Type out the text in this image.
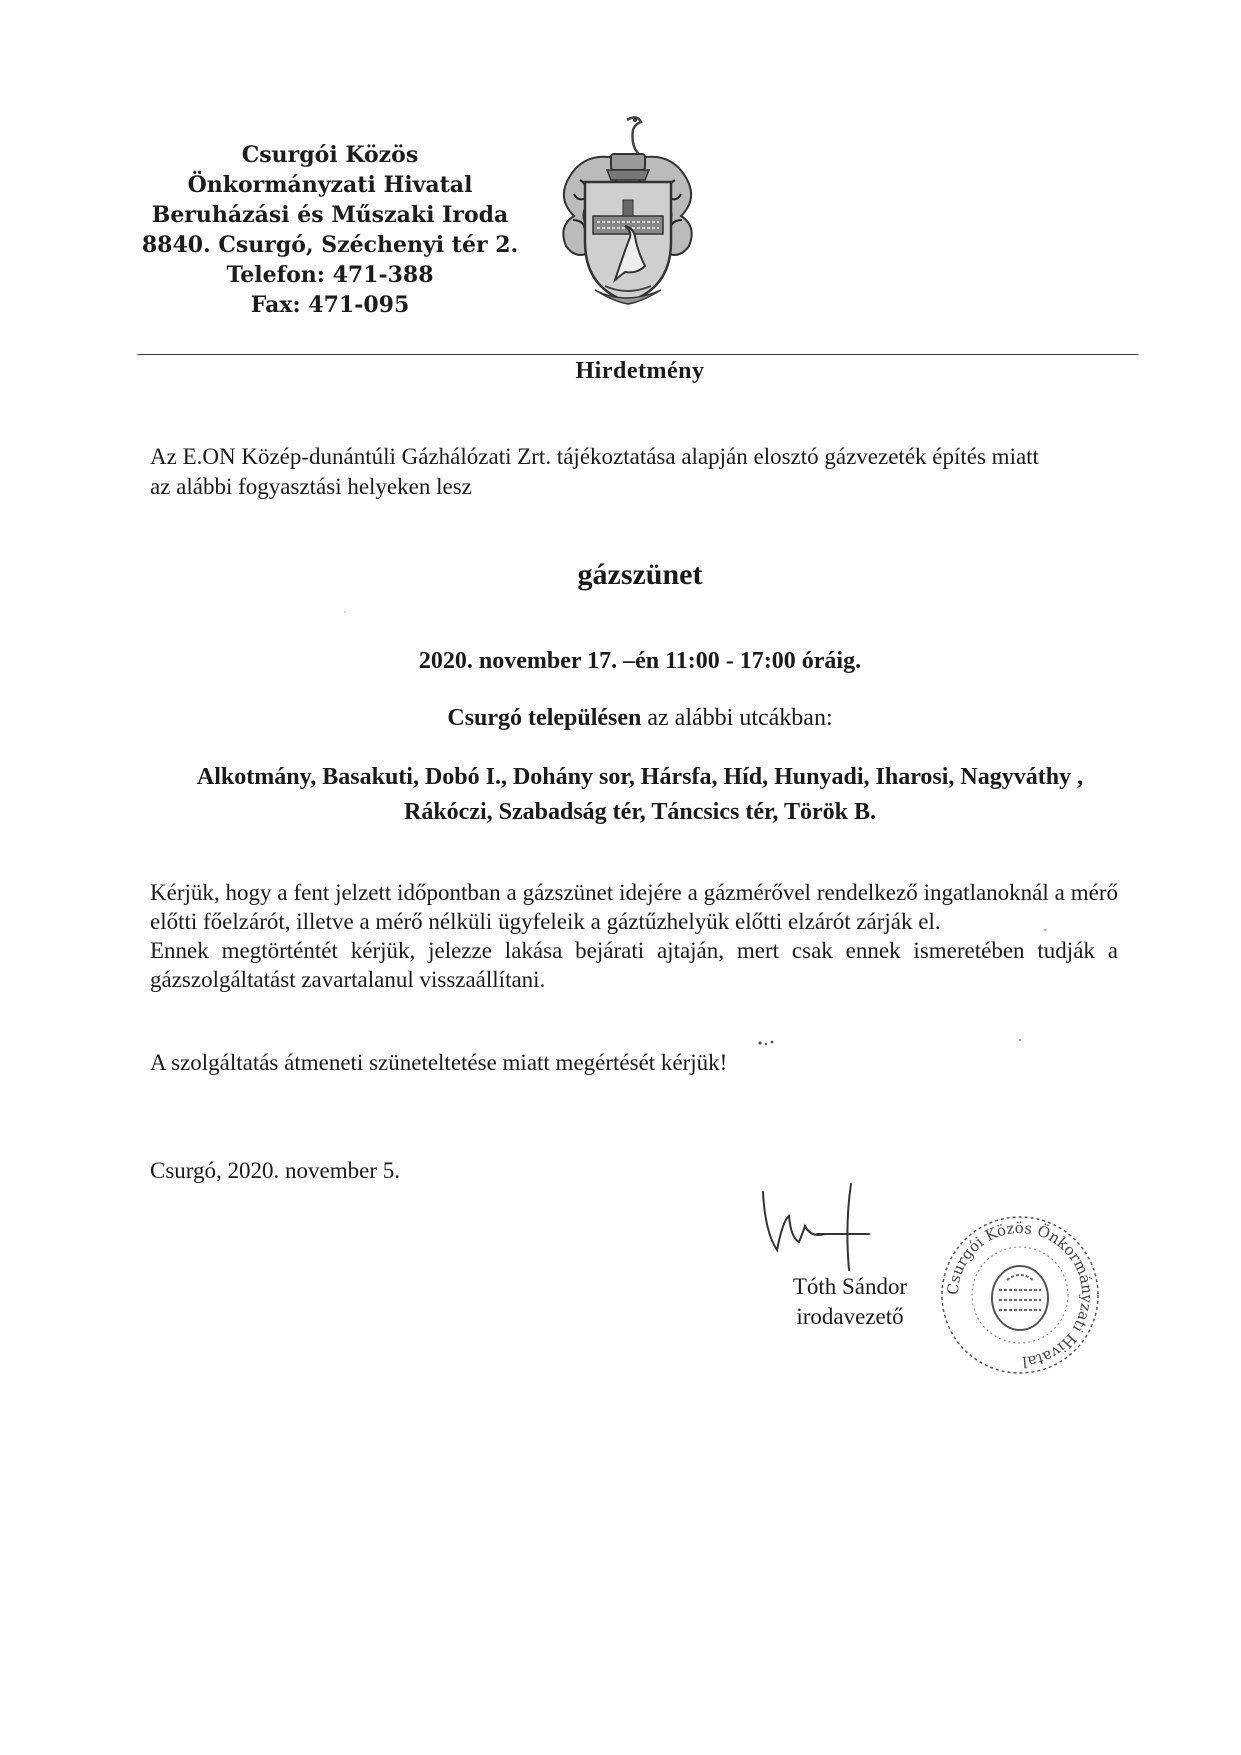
Csurgói Közös
Önkormányzati Hivatal
Beruházási és Műszaki Iroda
8840. Csurgó, Széchenyi tér 2.
Telefon: 471-388
Fax: 471-095
Hirdetmény
Az E.ON Közép-dunántúli Gázhálózati Zrt. tájékoztatása alapján elosztó gázvezeték építés miatt
az alábbi fogyasztási helyeken lesz
gázszünet
2020. november 17. –én 11:00 - 17:00 óráig.
Csurgó településen az alábbi utcákban:
Alkotmány, Basakuti, Dobó I., Dohány sor, Hársfa, Híd, Hunyadi, Iharosi, Nagyváthy ,
Rákóczi, Szabadság tér, Táncsics tér, Török B.
Kérjük, hogy a fent jelzett időpontban a gázszünet idejére a gázmérővel rendelkező ingatlanoknál a mérő előtti főelzárót, illetve a mérő nélküli ügyfeleik a gáztűzhelyük előtti elzárót zárják el.
Ennek megtörténtét kérjük, jelezze lakása bejárati ajtaján, mert csak ennek ismeretében tudják a gázszolgáltatást zavartalanul visszaállítani.
A szolgáltatás átmeneti szüneteltetése miatt megértését kérjük!
Csurgó, 2020. november 5.
Tóth Sándor
irodavezető
Csurgói Közös Önkormányzati Hivatal
